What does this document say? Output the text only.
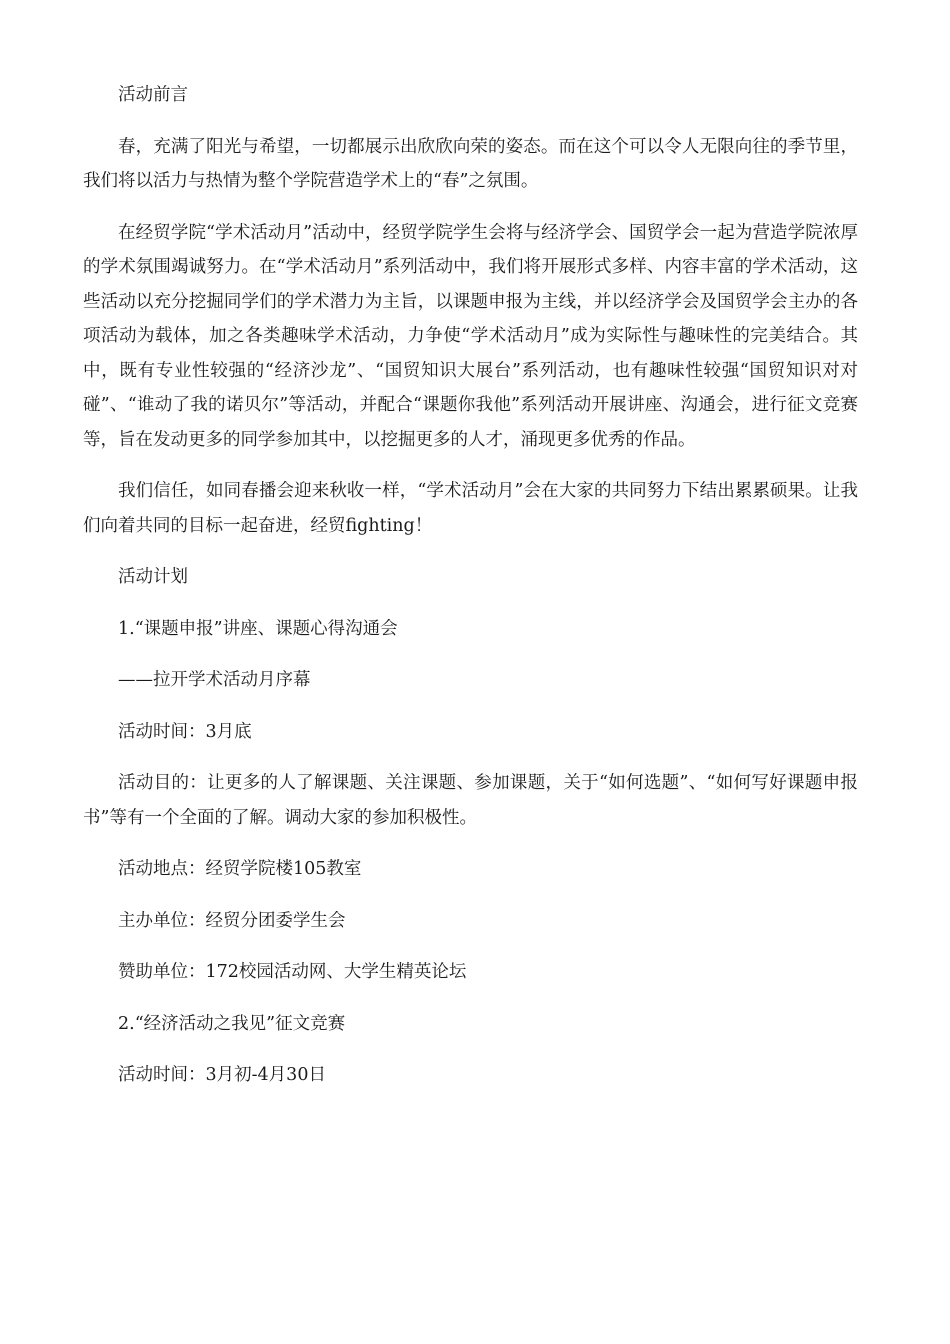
活动前言

春，充满了阳光与希望，一切都展示出欣欣向荣的姿态。而在这个可以令人无限向往的季节里，我们将以活力与热情为整个学院营造学术上的“春”之氛围。

在经贸学院“学术活动月”活动中，经贸学院学生会将与经济学会、国贸学会一起为营造学院浓厚的学术氛围竭诚努力。在“学术活动月”系列活动中，我们将开展形式多样、内容丰富的学术活动，这些活动以充分挖掘同学们的学术潜力为主旨，以课题申报为主线，并以经济学会及国贸学会主办的各项活动为载体，加之各类趣味学术活动，力争使“学术活动月”成为实际性与趣味性的完美结合。其中，既有专业性较强的“经济沙龙”、“国贸知识大展台”系列活动，也有趣味性较强“国贸知识对对碰”、“谁动了我的诺贝尔”等活动，并配合“课题你我他”系列活动开展讲座、沟通会，进行征文竞赛等，旨在发动更多的同学参加其中，以挖掘更多的人才，涌现更多优秀的作品。

我们信任，如同春播会迎来秋收一样，“学术活动月”会在大家的共同努力下结出累累硕果。让我们向着共同的目标一起奋进，经贸fighting！

活动计划

1.“课题申报”讲座、课题心得沟通会

——拉开学术活动月序幕

活动时间：3月底

活动目的：让更多的人了解课题、关注课题、参加课题，关于“如何选题”、“如何写好课题申报书”等有一个全面的了解。调动大家的参加积极性。

活动地点：经贸学院楼105教室

主办单位：经贸分团委学生会

赞助单位：172校园活动网、大学生精英论坛

2.“经济活动之我见”征文竞赛

活动时间：3月初-4月30日
